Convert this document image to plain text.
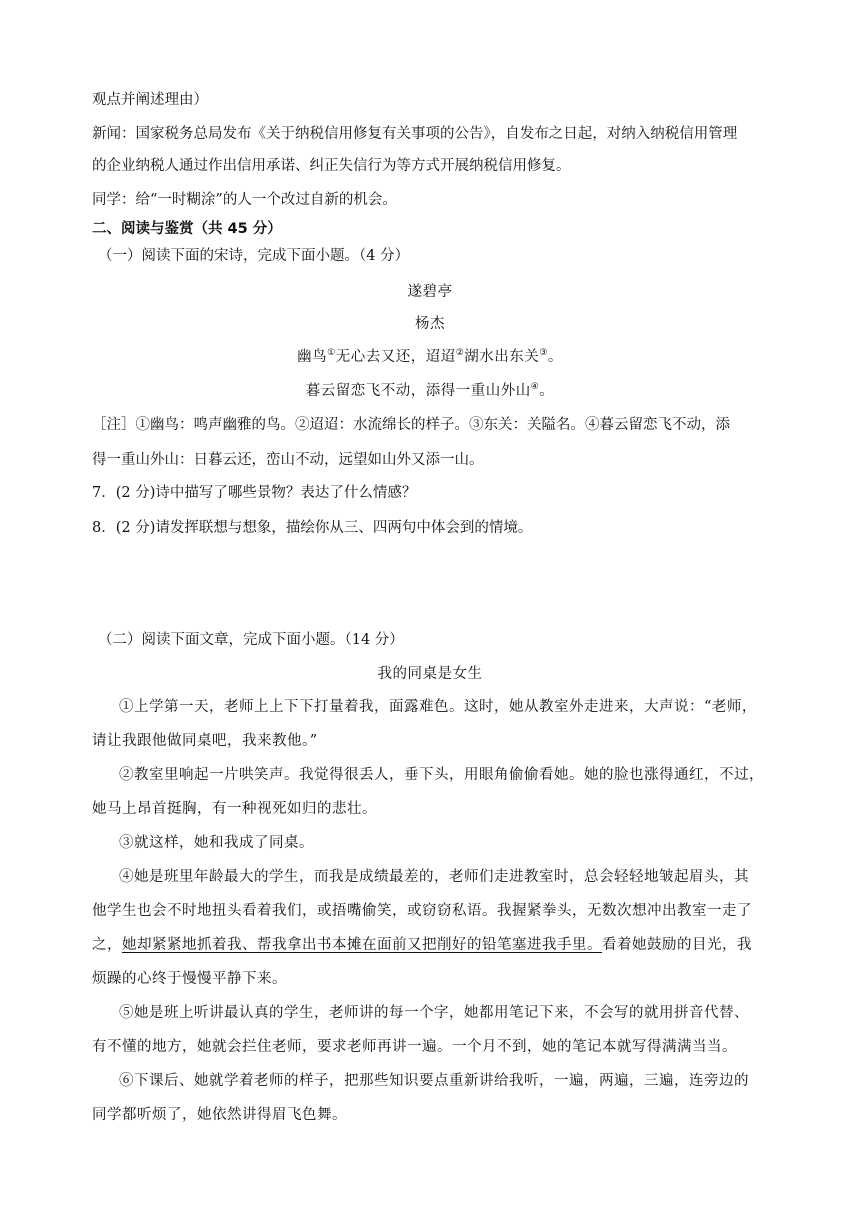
观点并阐述理由）
新闻：国家税务总局发布《关于纳税信用修复有关事项的公告》，自发布之日起，对纳入纳税信用管理
的企业纳税人通过作出信用承诺、纠正失信行为等方式开展纳税信用修复。
同学：给“一时糊涂”的人一个改过自新的机会。
二、阅读与鉴赏（共 45 分）
（一）阅读下面的宋诗，完成下面小题。（4 分）
遂碧亭
杨杰
幽鸟①无心去又还，迢迢②湖水出东关③。
暮云留恋飞不动，添得一重山外山④。
［注］①幽鸟：鸣声幽雅的鸟。②迢迢：水流绵长的样子。③东关：关隘名。④暮云留恋飞不动，添
得一重山外山：日暮云还，峦山不动，远望如山外又添一山。
7．(2 分)诗中描写了哪些景物？表达了什么情感？
8．(2 分)请发挥联想与想象，描绘你从三、四两句中体会到的情境。
（二）阅读下面文章，完成下面小题。（14 分）
我的同桌是女生
①上学第一天，老师上上下下打量着我，面露难色。这时，她从教室外走进来，大声说：“老师，
请让我跟他做同桌吧，我来教他。”
②教室里响起一片哄笑声。我觉得很丢人，垂下头，用眼角偷偷看她。她的脸也涨得通红，不过，
她马上昂首挺胸，有一种视死如归的悲壮。
③就这样，她和我成了同桌。
④她是班里年龄最大的学生，而我是成绩最差的，老师们走进教室时，总会轻轻地皱起眉头，其
他学生也会不时地扭头看着我们，或捂嘴偷笑，或窃窃私语。我握紧拳头，无数次想冲出教室一走了
之，她却紧紧地抓着我、帮我拿出书本摊在面前又把削好的铅笔塞进我手里。看着她鼓励的目光，我
烦躁的心终于慢慢平静下来。
⑤她是班上听讲最认真的学生，老师讲的每一个字，她都用笔记下来，不会写的就用拼音代替、
有不懂的地方，她就会拦住老师，要求老师再讲一遍。一个月不到，她的笔记本就写得满满当当。
⑥下课后、她就学着老师的样子，把那些知识要点重新讲给我听，一遍，两遍，三遍，连旁边的
同学都听烦了，她依然讲得眉飞色舞。
